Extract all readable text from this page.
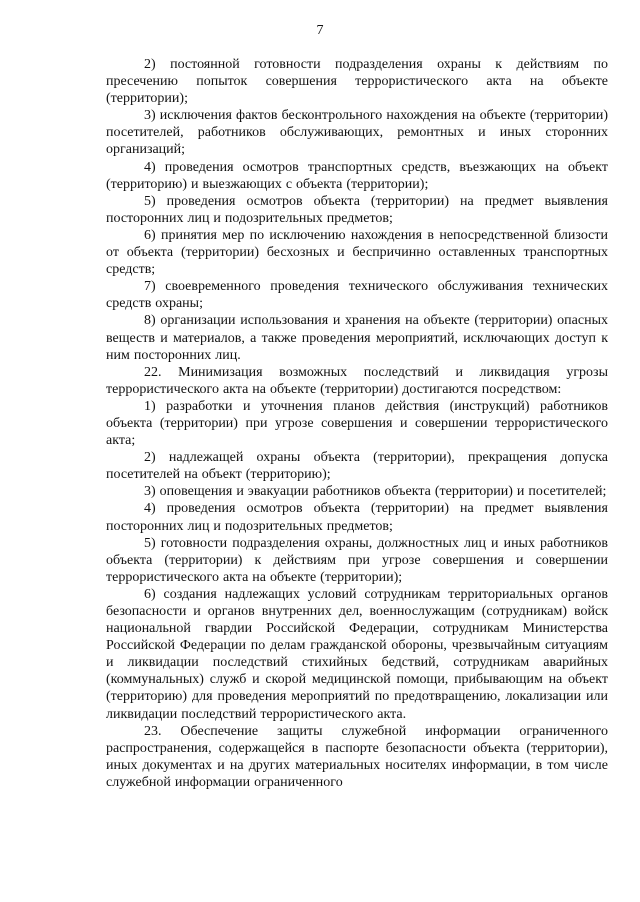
7

2) постоянной готовности подразделения охраны к действиям по пресечению попыток совершения террористического акта на объекте (территории);

3) исключения фактов бесконтрольного нахождения на объекте (территории) посетителей, работников обслуживающих, ремонтных и иных сторонних организаций;

4) проведения осмотров транспортных средств, въезжающих на объект (территорию) и выезжающих с объекта (территории);

5) проведения осмотров объекта (территории) на предмет выявления посторонних лиц и подозрительных предметов;

6) принятия мер по исключению нахождения в непосредственной близости от объекта (территории) бесхозных и беспричинно оставленных транспортных средств;

7) своевременного проведения технического обслуживания технических средств охраны;

8) организации использования и хранения на объекте (территории) опасных веществ и материалов, а также проведения мероприятий, исключающих доступ к ним посторонних лиц.

22. Минимизация возможных последствий и ликвидация угрозы террористического акта на объекте (территории) достигаются посредством:

1) разработки и уточнения планов действия (инструкций) работников объекта (территории) при угрозе совершения и совершении террористического акта;

2) надлежащей охраны объекта (территории), прекращения допуска посетителей на объект (территорию);

3) оповещения и эвакуации работников объекта (территории) и посетителей;

4) проведения осмотров объекта (территории) на предмет выявления посторонних лиц и подозрительных предметов;

5) готовности подразделения охраны, должностных лиц и иных работников объекта (территории) к действиям при угрозе совершения и совершении террористического акта на объекте (территории);

6) создания надлежащих условий сотрудникам территориальных органов безопасности и органов внутренних дел, военнослужащим (сотрудникам) войск национальной гвардии Российской Федерации, сотрудникам Министерства Российской Федерации по делам гражданской обороны, чрезвычайным ситуациям и ликвидации последствий стихийных бедствий, сотрудникам аварийных (коммунальных) служб и скорой медицинской помощи, прибывающим на объект (территорию) для проведения мероприятий по предотвращению, локализации или ликвидации последствий террористического акта.

23. Обеспечение защиты служебной информации ограниченного распространения, содержащейся в паспорте безопасности объекта (территории), иных документах и на других материальных носителях информации, в том числе служебной информации ограниченного
